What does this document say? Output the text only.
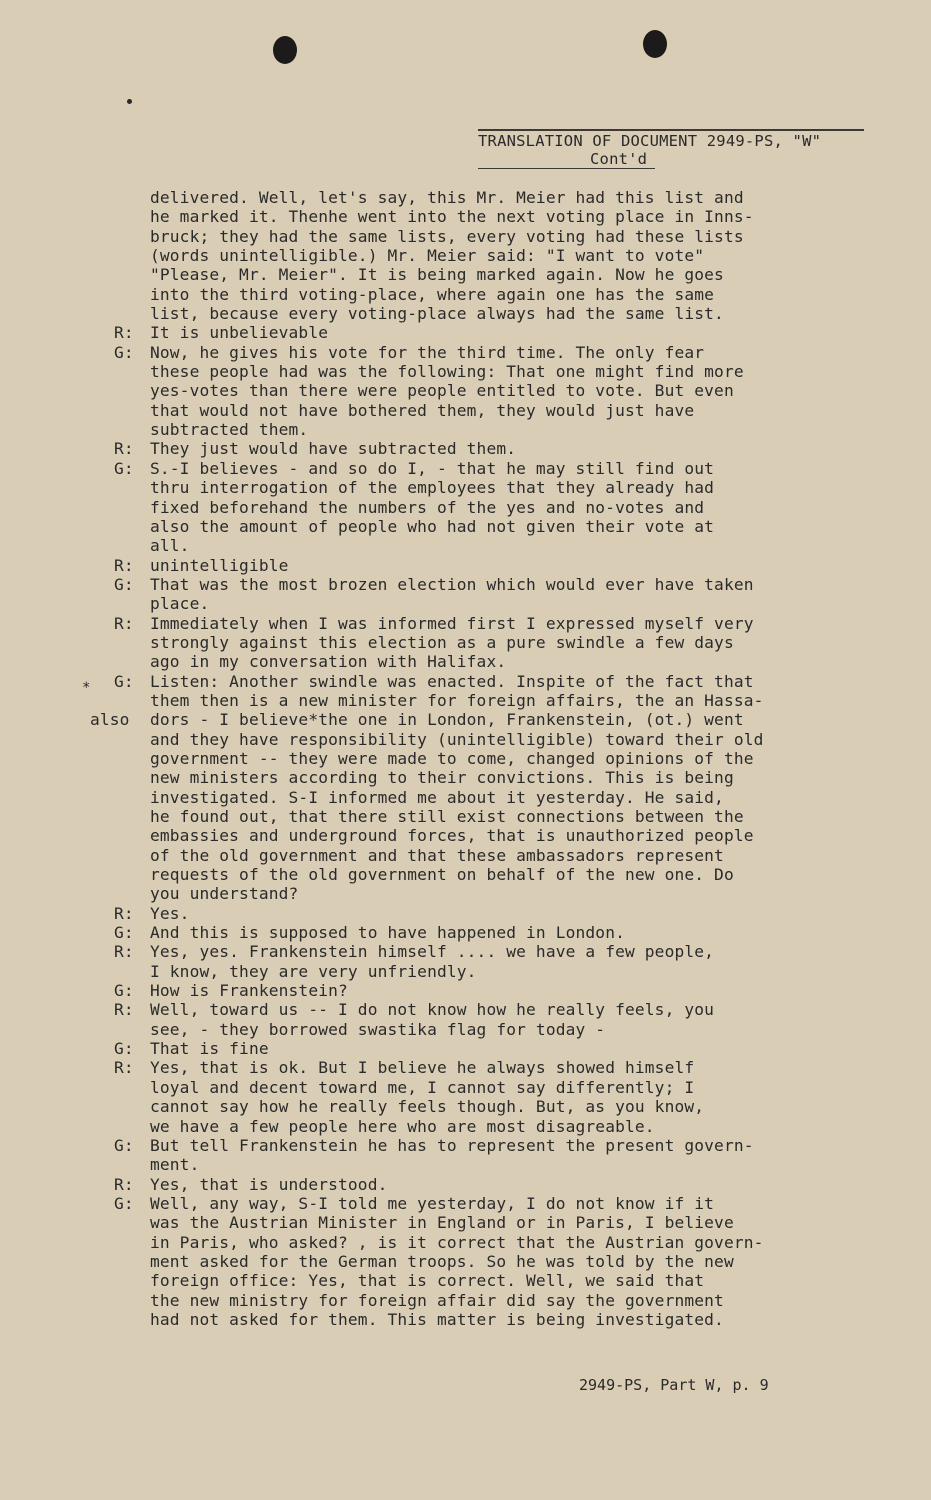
TRANSLATION OF DOCUMENT 2949-PS, "W"
Cont'd
delivered. Well, let's say, this Mr. Meier had this list and
he marked it. Thenhe went into the next voting place in Inns-
bruck; they had the same lists, every voting had these lists
(words unintelligible.) Mr. Meier said: "I want to vote"
"Please, Mr. Meier". It is being marked again. Now he goes
into the third voting-place, where again one has the same
list, because every voting-place always had the same list.
R: It is unbelievable
G: Now, he gives his vote for the third time. The only fear
these people had was the following: That one might find more
yes-votes than there were people entitled to vote. But even
that would not have bothered them, they would just have
subtracted them.
R: They just would have subtracted them.
G: S.-I believes - and so do I, - that he may still find out
thru interrogation of the employees that they already had
fixed beforehand the numbers of the yes and no-votes and
also the amount of people who had not given their vote at
all.
R: unintelligible
G: That was the most brozen election which would ever have taken
place.
R: Immediately when I was informed first I expressed myself very
strongly against this election as a pure swindle a few days
ago in my conversation with Halifax.
G: Listen: Another swindle was enacted. Inspite of the fact that
*
them then is a new minister for foreign affairs, the an Hassa-
also dors - I believe*the one in London, Frankenstein, (ot.) went
and they have responsibility (unintelligible) toward their old
government -- they were made to come, changed opinions of the
new ministers according to their convictions. This is being
investigated. S-I informed me about it yesterday. He said,
he found out, that there still exist connections between the
embassies and underground forces, that is unauthorized people
of the old government and that these ambassadors represent
requests of the old government on behalf of the new one. Do
you understand?
R: Yes.
G: And this is supposed to have happened in London.
R: Yes, yes. Frankenstein himself .... we have a few people,
I know, they are very unfriendly.
G: How is Frankenstein?
R: Well, toward us -- I do not know how he really feels, you
see, - they borrowed swastika flag for today -
G: That is fine
R: Yes, that is ok. But I believe he always showed himself
loyal and decent toward me, I cannot say differently; I
cannot say how he really feels though. But, as you know,
we have a few people here who are most disagreable.
G: But tell Frankenstein he has to represent the present govern-
ment.
R: Yes, that is understood.
G: Well, any way, S-I told me yesterday, I do not know if it
was the Austrian Minister in England or in Paris, I believe
in Paris, who asked? , is it correct that the Austrian govern-
ment asked for the German troops. So he was told by the new
foreign office: Yes, that is correct. Well, we said that
the new ministry for foreign affair did say the government
had not asked for them. This matter is being investigated.
2949-PS, Part W, p. 9
